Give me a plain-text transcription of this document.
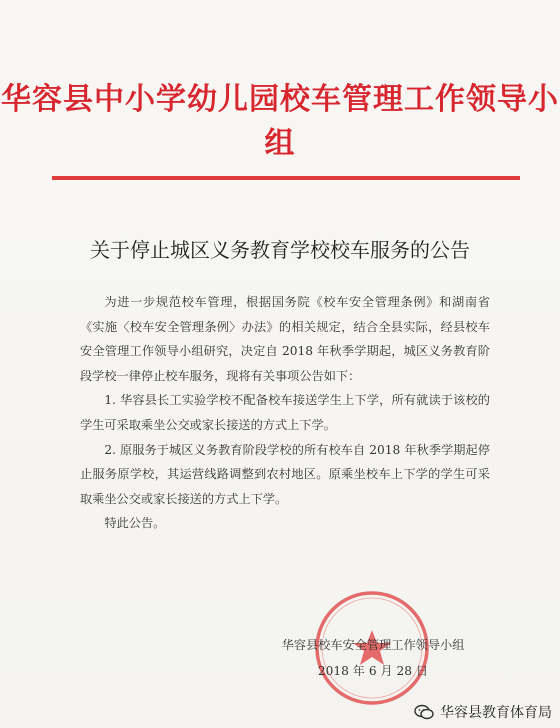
华容县中小学幼儿园校车管理工作领导小组
关于停止城区义务教育学校校车服务的公告

为进一步规范校车管理，根据国务院《校车安全管理条例》和湖南省《实施〈校车安全管理条例〉办法》的相关规定，结合全县实际，经县校车安全管理工作领导小组研究，决定自 2018 年秋季学期起，城区义务教育阶段学校一律停止校车服务，现将有关事项公告如下：

1. 华容县长工实验学校不配备校车接送学生上下学，所有就读于该校的学生可采取乘坐公交或家长接送的方式上下学。

2. 原服务于城区义务教育阶段学校的所有校车自 2018 年秋季学期起停止服务原学校，其运营线路调整到农村地区。原乘坐校车上下学的学生可采取乘坐公交或家长接送的方式上下学。

特此公告。

华容县校车安全管理工作领导小组
2018 年 6 月 28 日
华容县教育体育局
